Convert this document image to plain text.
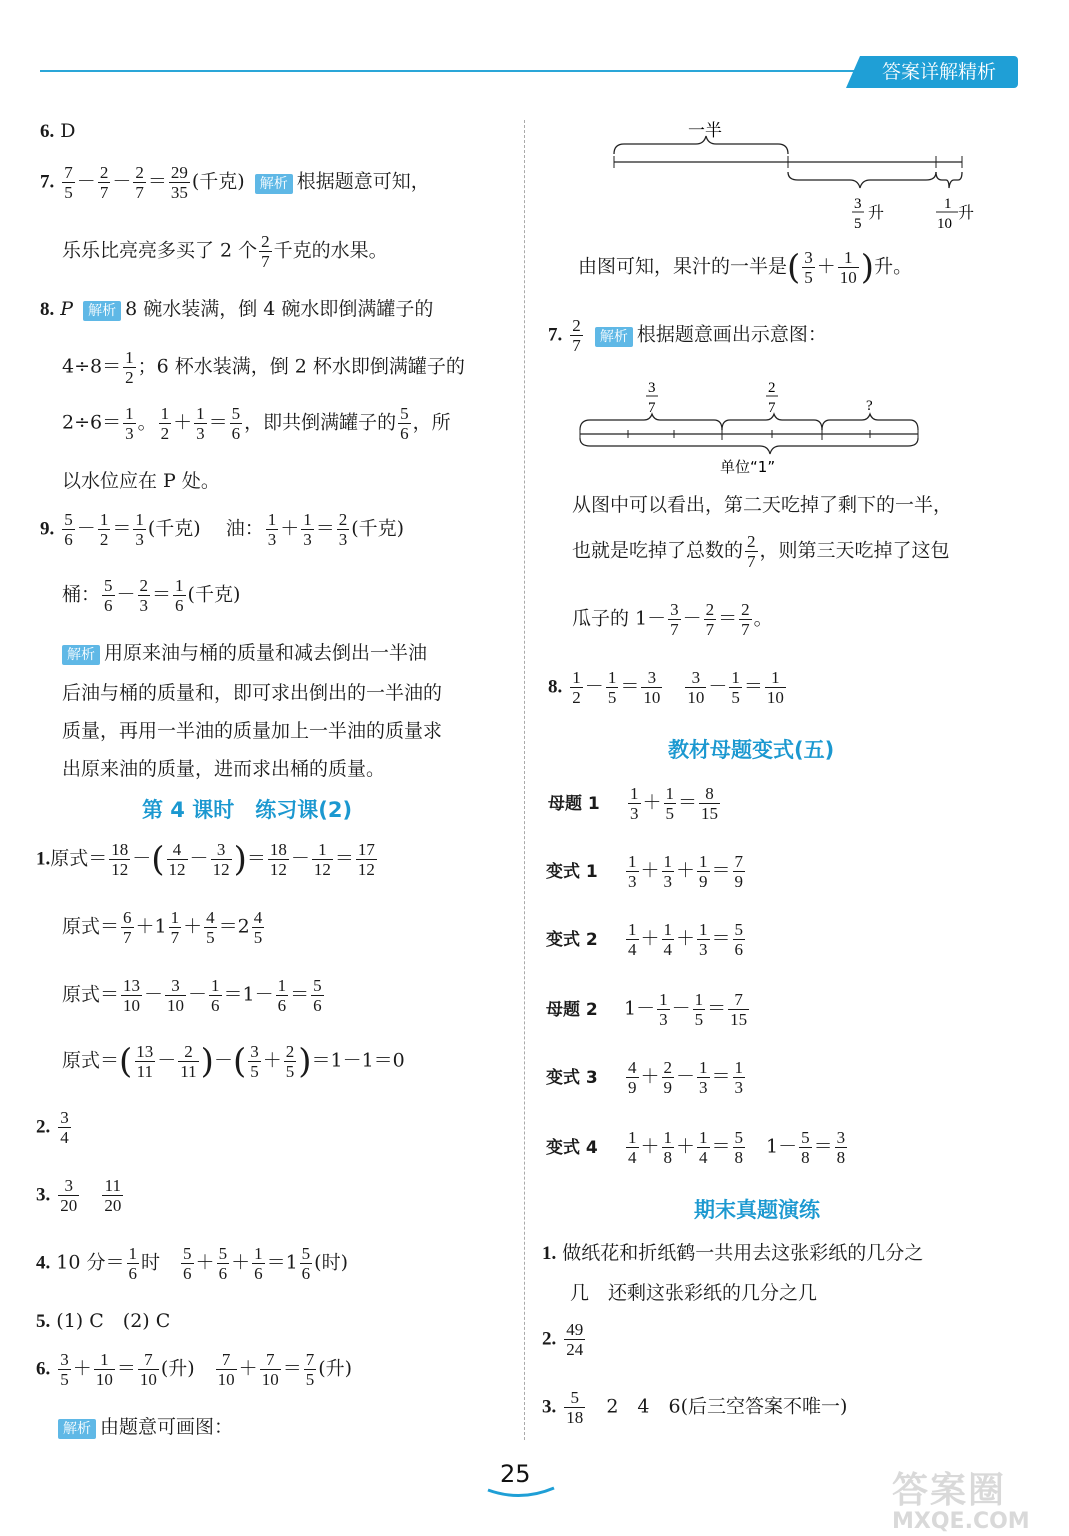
答案详解精析
6. D
7. $\frac{7}{5} - \frac{2}{7} - \frac{2}{7} = \frac{29}{35}$ (千克) 解析 根据题意可知，
乐乐比亮亮多买了 2 个 $\frac{2}{7}$ 千克的水果。
8. P 解析 8 碗水装满，倒 4 碗水即倒满罐子的
$4\div 8= \frac{1}{2}$ ；6 杯水装满，倒 2 杯水即倒满罐子的
$2\div 6= \frac{1}{3}$ 。 $\frac{1}{2} + \frac{1}{3} = \frac{5}{6}$ ，即共倒满罐子的 $\frac{5}{6}$ ，所
以水位应在 P 处。
9. $\frac{5}{6} - \frac{1}{2} = \frac{1}{3}$ (千克) 　 油： $\frac{1}{3} + \frac{1}{3} = \frac{2}{3}$ (千克)
桶： $\frac{5}{6} - \frac{2}{3} = \frac{1}{6}$ (千克)
解析 用原来油与桶的质量和减去倒出一半油
后油与桶的质量和，即可求出倒出的一半油的
质量，再用一半油的质量加上一半油的质量求
出原来油的质量，进而求出桶的质量。
第 4 课时　练习课(2)
1.原式＝ $\frac{18}{12}$ －( $\frac{4}{12} - \frac{3}{12}$ )＝ $\frac{18}{12} - \frac{1}{12} = \frac{17}{12}$
原式＝ $\frac{6}{7} +1 \frac{1}{7} + \frac{4}{5} =2 \frac{4}{5}$
原式＝ $\frac{13}{10} - \frac{3}{10} - \frac{1}{6} =1- \frac{1}{6} = \frac{5}{6}$
原式＝( $\frac{13}{11} - \frac{2}{11}$ )－( $\frac{3}{5} + \frac{2}{5} )=1-1=0$
2. $\frac{3}{4}$
3. $\frac{3}{20}$
　 $\frac{11}{20}$
4. 10 分＝ $\frac{1}{6}$ 时　 $\frac{5}{6} + \frac{5}{6} + \frac{1}{6} =1 \frac{5}{6}$ (时)
5. (1) C　(2) C
6. $\frac{3}{5} + \frac{1}{10} = \frac{7}{10}$ (升)　 $\frac{7}{10} + \frac{7}{10} = \frac{7}{5}$ (升)
解析 由题意可画图：
一半
3
5
升	1
10
升
由图可知，果汁的一半是( $\frac{3}{5} + \frac{1}{10}$ )升。
7. $\frac{2}{7}$ 解析 根据题意画出示意图：
3
7
2
7	?
单位“1”
从图中可以看出，第二天吃掉了剩下的一半，
也就是吃掉了总数的 $\frac{2}{7}$ ，则第三天吃掉了这包
瓜子的 $1- \frac{3}{7} - \frac{2}{7} = \frac{2}{7}$ 。
8. $\frac{1}{2} - \frac{1}{5} = \frac{3}{10}$
　 $\frac{3}{10} - \frac{1}{5} = \frac{1}{10}$
教材母题变式(五)
母题 $1 \frac{1}{3} + \frac{1}{5} = \frac{8}{15}$
变式 $1 \frac{1}{3} + \frac{1}{3} + \frac{1}{9} = \frac{7}{9}$
变式 $2 \frac{1}{4} + \frac{1}{4} + \frac{1}{3} = \frac{5}{6}$
母题 2 $1- \frac{1}{3} - \frac{1}{5} = \frac{7}{15}$
变式 $3 \frac{4}{9} + \frac{2}{9} - \frac{1}{3} = \frac{1}{3}$
变式 $4 \frac{1}{4} + \frac{1}{8} + \frac{1}{4} = \frac{5}{8}$ 　$1- \frac{5}{8} = \frac{3}{8}$
期末真题演练
1. 做纸花和折纸鹤一共用去这张彩纸的几分之
几　还剩这张彩纸的几分之几
2. $\frac{49}{24}$
3. $\frac{5}{18}$
　 2　4　6(后三空答案不唯一)
25	答案圈
MXQE.COM
